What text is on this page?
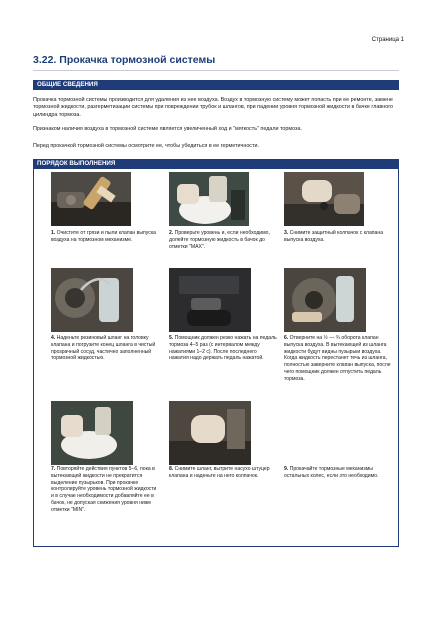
Страница 1
3.22. Прокачка тормозной системы
ОБЩИЕ СВЕДЕНИЯ

Прокачка тормозной системы производится для удаления из нее воздуха. Воздух в тормозную систему может попасть при ее ремонте, замене тормозной жидкости, разгерметизации системы при повреждении трубок и шлангов, при падении уровня тормозной жидкости в бачке главного цилиндра тормоза.

Признаком наличия воздуха в тормозной системе является увеличенный ход и "мягкость" педали тормоза.

Перед прокачкой тормозной системы осмотрите ее, чтобы убедиться в ее герметичности.

ПОРЯДОК ВЫПОЛНЕНИЯ

1. Очистите от грязи и пыли клапан выпуска воздуха на тормозном механизме.

2. Проверьте уровень и, если необходимо, долейте тормозную жидкость в бачок до отметки "MAX".

3. Снимите защитный колпачок с клапана выпуска воздуха.

4. Наденьте резиновый шланг на головку клапана и погрузите конец шланга в чистый прозрачный сосуд, частично заполненный тормозной жидкостью.

5. Помощник должен резко нажать на педаль тормоза 4–5 раз (с интервалом между нажатиями 1–2 с). После последнего нажатия надо держать педаль нажатой.

6. Отверните на ½ — ¾ оборота клапан выпуска воздуха. В вытекающей из шланга жидкости будут видны пузырьки воздуха. Когда жидкость перестанет течь из шланга, полностью заверните клапан выпуска, после чего помощник должен отпустить педаль тормоза.

7. Повторяйте действия пунктов 5–6, пока в вытекающей жидкости не прекратится выделение пузырьков. При прокачке контролируйте уровень тормозной жидкости и в случае необходимости добавляйте ее в бачок, не допуская снижения уровня ниже отметки "MIN".

8. Снимите шланг, вытрите насухо штуцер клапана и наденьте на него колпачок.

9. Прокачайте тормозные механизмы остальных колес, если это необходимо.
